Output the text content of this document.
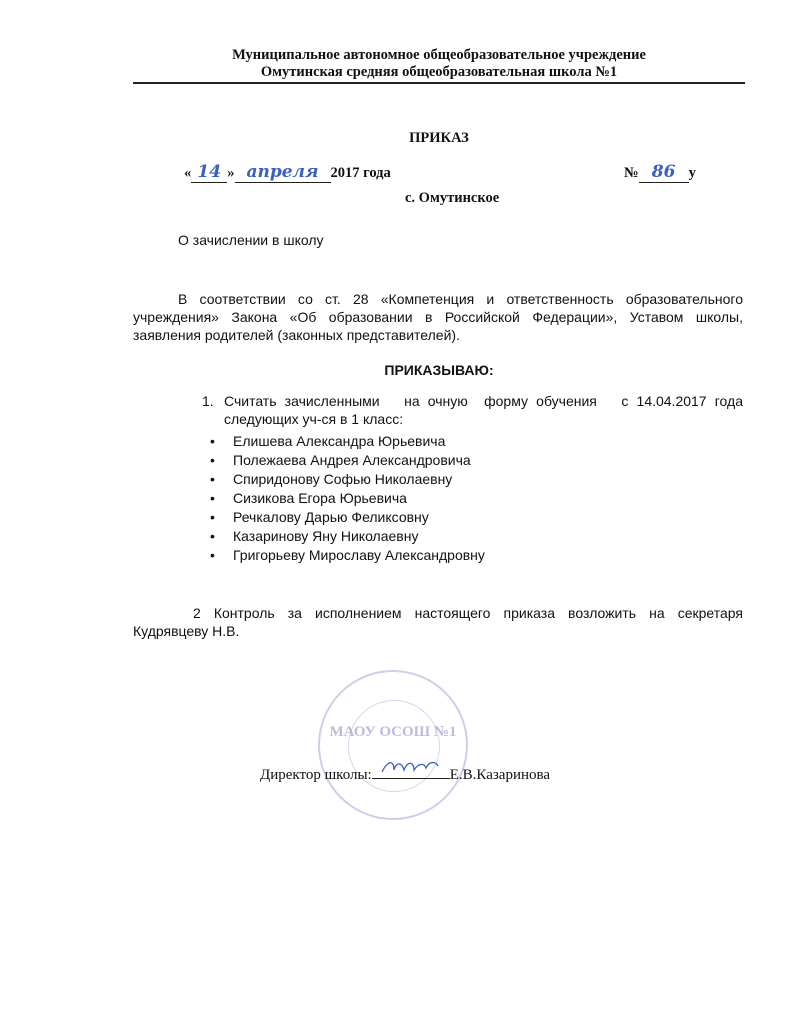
Муниципальное автономное общеобразовательное учреждение
Омутинская средняя общеобразовательная школа №1
ПРИКАЗ
« 14 » апреля 2017 года	№ 86 у
с. Омутинское
О зачислении в школу
В соответствии со ст. 28 «Компетенция и ответственность образовательного учреждения» Закона «Об образовании в Российской Федерации», Уставом школы, заявления родителей (законных представителей).
ПРИКАЗЫВАЮ:
1. Считать зачисленными   на очную  форму обучения   с 14.04.2017 года следующих уч-ся в 1 класс:
• Елишева Александра Юрьевича
• Полежаева Андрея Александровича
• Спиридонову Софью Николаевну
• Сизикова Егора Юрьевича
• Речкалову Дарью Феликсовну
• Казаринову Яну Николаевну
• Григорьеву Мирославу Александровну
2 Контроль за исполнением настоящего приказа возложить на секретаря Кудрявцеву Н.В.
МАОУ ОСОШ №1
Директор школы:	Е.В.Казаринова
